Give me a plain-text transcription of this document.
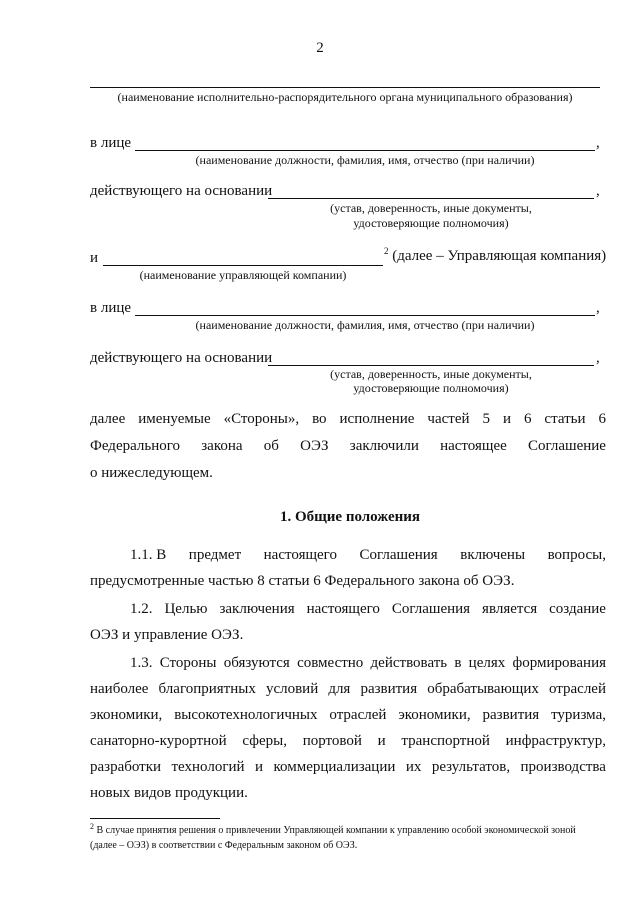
2
(наименование исполнительно-распорядительного органа муниципального образования)
в лице	,
(наименование должности, фамилия, имя, отчество (при наличии)
действующего на основании	,
(устав, доверенность, иные документы,
удостоверяющие полномочия)
и	$^2$ (далее – Управляющая компания)
(наименование управляющей компании)
в лице	,
(наименование должности, фамилия, имя, отчество (при наличии)
действующего на основании	,
(устав, доверенность, иные документы,
удостоверяющие полномочия)
далее именуемые «Стороны», во исполнение частей 5 и 6 статьи 6
Федерального закона об ОЭЗ заключили настоящее Соглашение
о нижеследующем.
1. Общие положения
1.1. В предмет настоящего Соглашения включены вопросы,
предусмотренные частью 8 статьи 6 Федерального закона об ОЭЗ.
1.2. Целью заключения настоящего Соглашения является создание
ОЭЗ и управление ОЭЗ.
1.3. Стороны обязуются совместно действовать в целях формирования
наиболее благоприятных условий для развития обрабатывающих отраслей
экономики, высокотехнологичных отраслей экономики, развития туризма,
санаторно-курортной сферы, портовой и транспортной инфраструктур,
разработки технологий и коммерциализации их результатов, производства
новых видов продукции.
$^2$ В случае принятия решения о привлечении Управляющей компании к управлению особой экономической зоной
(далее – ОЭЗ) в соответствии с Федеральным законом об ОЭЗ.
